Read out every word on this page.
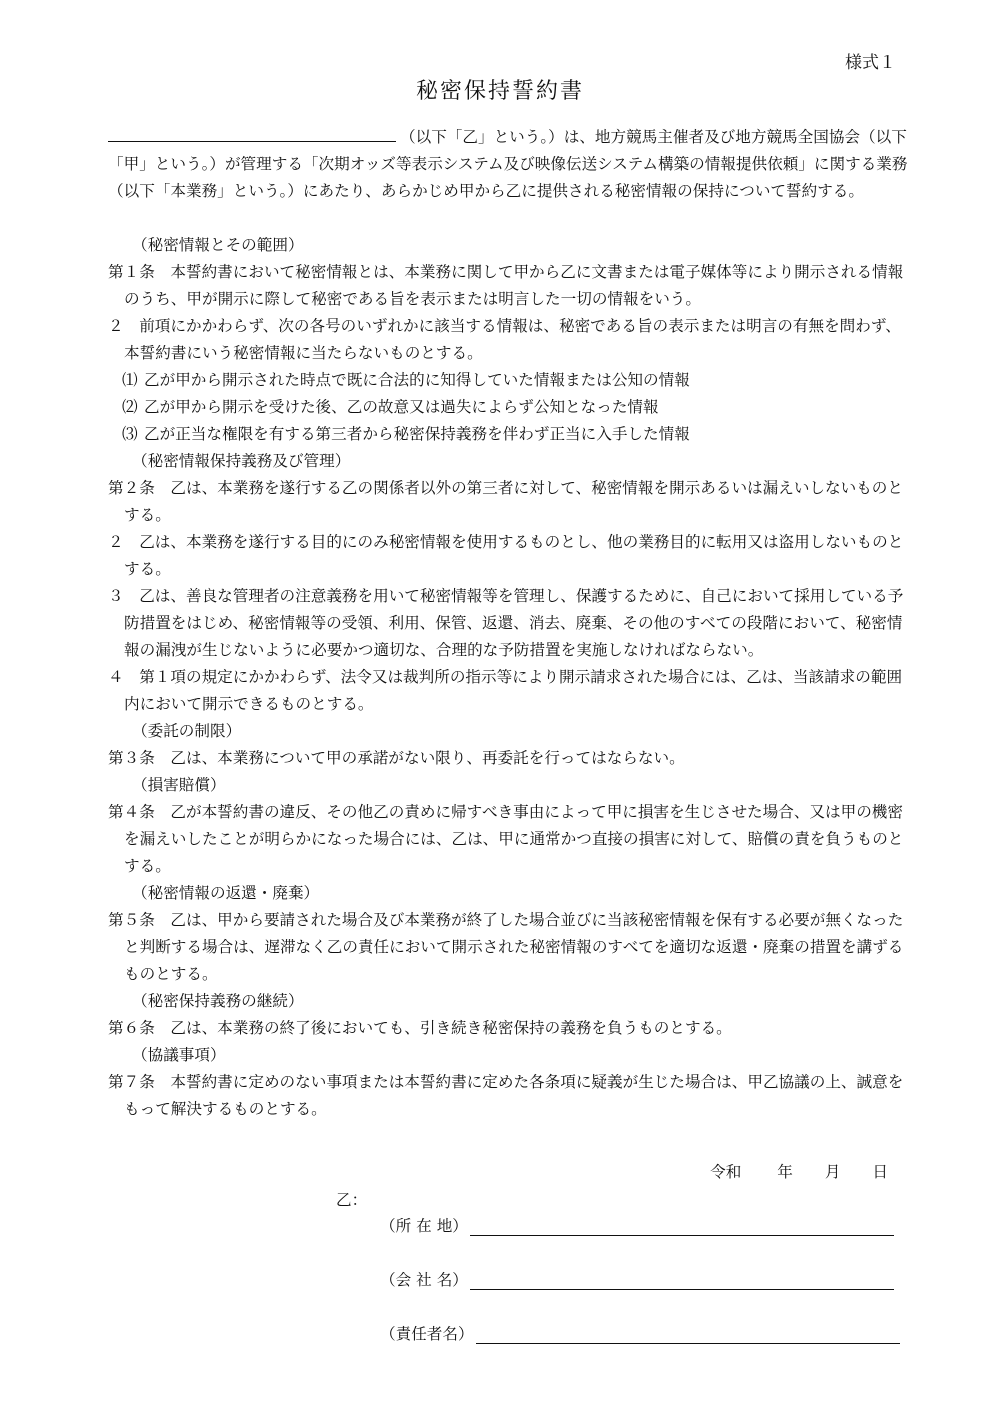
様式１
秘密保持誓約書

（以下「乙」という。）は、地方競馬主催者及び地方競馬全国協会（以下「甲」という。）が管理する「次期オッズ等表示システム及び映像伝送システム構築の情報提供依頼」に関する業務（以下「本業務」という。）にあたり、あらかじめ甲から乙に提供される秘密情報の保持について誓約する。

（秘密情報とその範囲）

第１条　本誓約書において秘密情報とは、本業務に関して甲から乙に文書または電子媒体等により開示される情報のうち、甲が開示に際して秘密である旨を表示または明言した一切の情報をいう。

２　前項にかかわらず、次の各号のいずれかに該当する情報は、秘密である旨の表示または明言の有無を問わず、本誓約書にいう秘密情報に当たらないものとする。

⑴ 乙が甲から開示された時点で既に合法的に知得していた情報または公知の情報

⑵ 乙が甲から開示を受けた後、乙の故意又は過失によらず公知となった情報

⑶ 乙が正当な権限を有する第三者から秘密保持義務を伴わず正当に入手した情報

（秘密情報保持義務及び管理）

第２条　乙は、本業務を遂行する乙の関係者以外の第三者に対して、秘密情報を開示あるいは漏えいしないものとする。

２　乙は、本業務を遂行する目的にのみ秘密情報を使用するものとし、他の業務目的に転用又は盗用しないものとする。

３　乙は、善良な管理者の注意義務を用いて秘密情報等を管理し、保護するために、自己において採用している予防措置をはじめ、秘密情報等の受領、利用、保管、返還、消去、廃棄、その他のすべての段階において、秘密情報の漏洩が生じないように必要かつ適切な、合理的な予防措置を実施しなければならない。

４　第１項の規定にかかわらず、法令又は裁判所の指示等により開示請求された場合には、乙は、当該請求の範囲内において開示できるものとする。

（委託の制限）

第３条　乙は、本業務について甲の承諾がない限り、再委託を行ってはならない。

（損害賠償）

第４条　乙が本誓約書の違反、その他乙の責めに帰すべき事由によって甲に損害を生じさせた場合、又は甲の機密を漏えいしたことが明らかになった場合には、乙は、甲に通常かつ直接の損害に対して、賠償の責を負うものとする。

（秘密情報の返還・廃棄）

第５条　乙は、甲から要請された場合及び本業務が終了した場合並びに当該秘密情報を保有する必要が無くなったと判断する場合は、遅滞なく乙の責任において開示された秘密情報のすべてを適切な返還・廃棄の措置を講ずるものとする。

（秘密保持義務の継続）

第６条　乙は、本業務の終了後においても、引き続き秘密保持の義務を負うものとする。

（協議事項）

第７条　本誓約書に定めのない事項または本誓約書に定めた各条項に疑義が生じた場合は、甲乙協議の上、誠意をもって解決するものとする。

令和 年 月 日
乙：
（所 在 地）
（会 社 名）
（責任者名）
